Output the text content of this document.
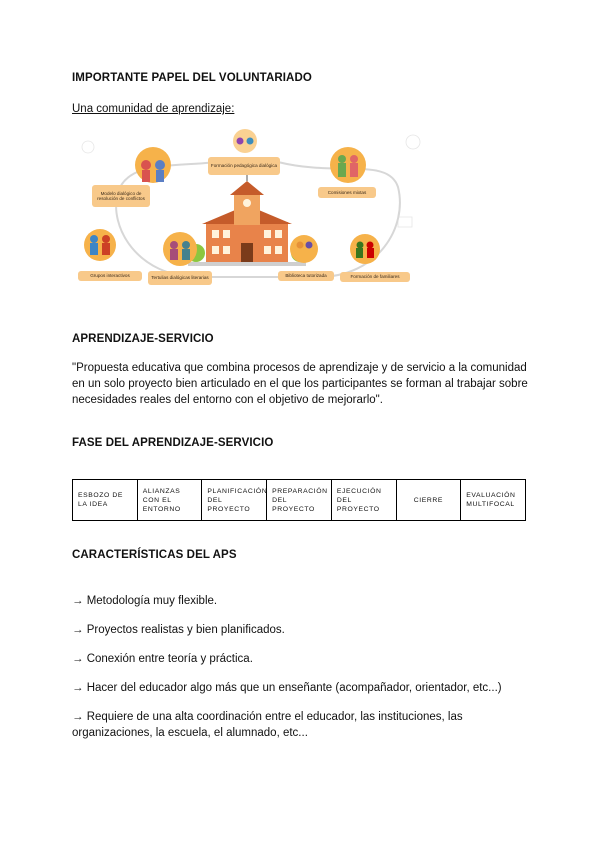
IMPORTANTE PAPEL DEL VOLUNTARIADO
Una comunidad de aprendizaje:
Formación pedagógica dialógica
Modelo dialógico de resolución de conflictos
Comisiones mixtas
Grupos interactivos	Tertulias dialógicas literarias	Biblioteca tutorizada	Formación de familiares
APRENDIZAJE-SERVICIO
"Propuesta educativa que combina procesos de aprendizaje y de servicio a la comunidad en un solo proyecto bien articulado en el que los participantes se forman al trabajar sobre necesidades reales del entorno con el objetivo de mejorarlo".
FASE DEL APRENDIZAJE-SERVICIO
ESBOZO DE LA IDEA	ALIANZAS CON EL ENTORNO	PLANIFICACIÓN DEL PROYECTO	PREPARACIÓN DEL PROYECTO	EJECUCIÓN DEL PROYECTO	CIERRE	EVALUACIÓN MULTIFOCAL
CARACTERÍSTICAS DEL APS
→ Metodología muy flexible.
→ Proyectos realistas y bien planificados.
→ Conexión entre teoría y práctica.
→ Hacer del educador algo más que un enseñante (acompañador, orientador, etc...)
→ Requiere de una alta coordinación entre el educador, las instituciones, las organizaciones, la escuela, el alumnado, etc...
